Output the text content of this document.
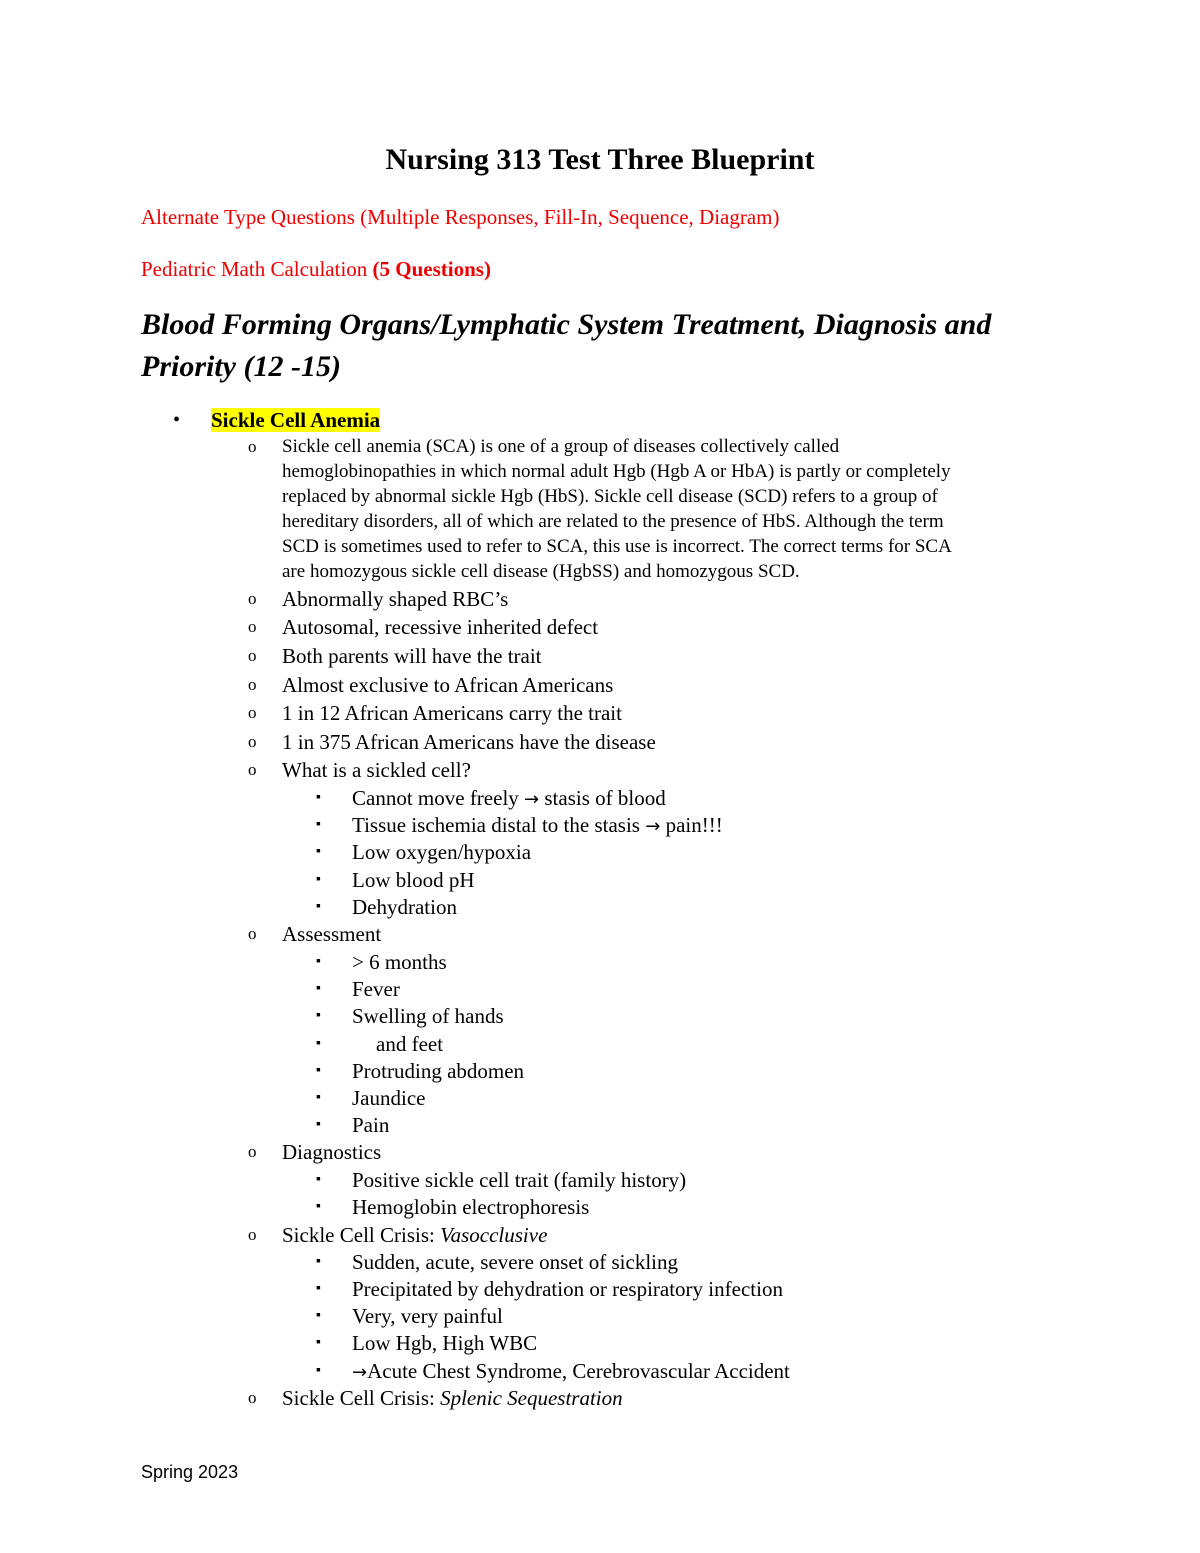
Nursing 313 Test Three Blueprint
Alternate Type Questions (Multiple Responses, Fill-In, Sequence, Diagram)
Pediatric Math Calculation (5 Questions)
Blood Forming Organs/Lymphatic System Treatment, Diagnosis and Priority (12 -15)
• Sickle Cell Anemia
o Sickle cell anemia (SCA) is one of a group of diseases collectively called
hemoglobinopathies in which normal adult Hgb (Hgb A or HbA) is partly or completely
replaced by abnormal sickle Hgb (HbS). Sickle cell disease (SCD) refers to a group of
hereditary disorders, all of which are related to the presence of HbS. Although the term
SCD is sometimes used to refer to SCA, this use is incorrect. The correct terms for SCA
are homozygous sickle cell disease (HgbSS) and homozygous SCD.
o Abnormally shaped RBC’s
o Autosomal, recessive inherited defect
o Both parents will have the trait
o Almost exclusive to African Americans
o 1 in 12 African Americans carry the trait
o 1 in 375 African Americans have the disease
o What is a sickled cell?
▪ Cannot move freely → stasis of blood
▪ Tissue ischemia distal to the stasis → pain!!!
▪ Low oxygen/hypoxia
▪ Low blood pH
▪ Dehydration
o Assessment
▪ > 6 months
▪ Fever
▪ Swelling of hands
▪	and feet
▪ Protruding abdomen
▪ Jaundice
▪ Pain
o Diagnostics
▪ Positive sickle cell trait (family history)
▪ Hemoglobin electrophoresis
o Sickle Cell Crisis: Vasocclusive
▪ Sudden, acute, severe onset of sickling
▪ Precipitated by dehydration or respiratory infection
▪ Very, very painful
▪ Low Hgb, High WBC
▪ →Acute Chest Syndrome, Cerebrovascular Accident
o Sickle Cell Crisis: Splenic Sequestration
Spring 2023
